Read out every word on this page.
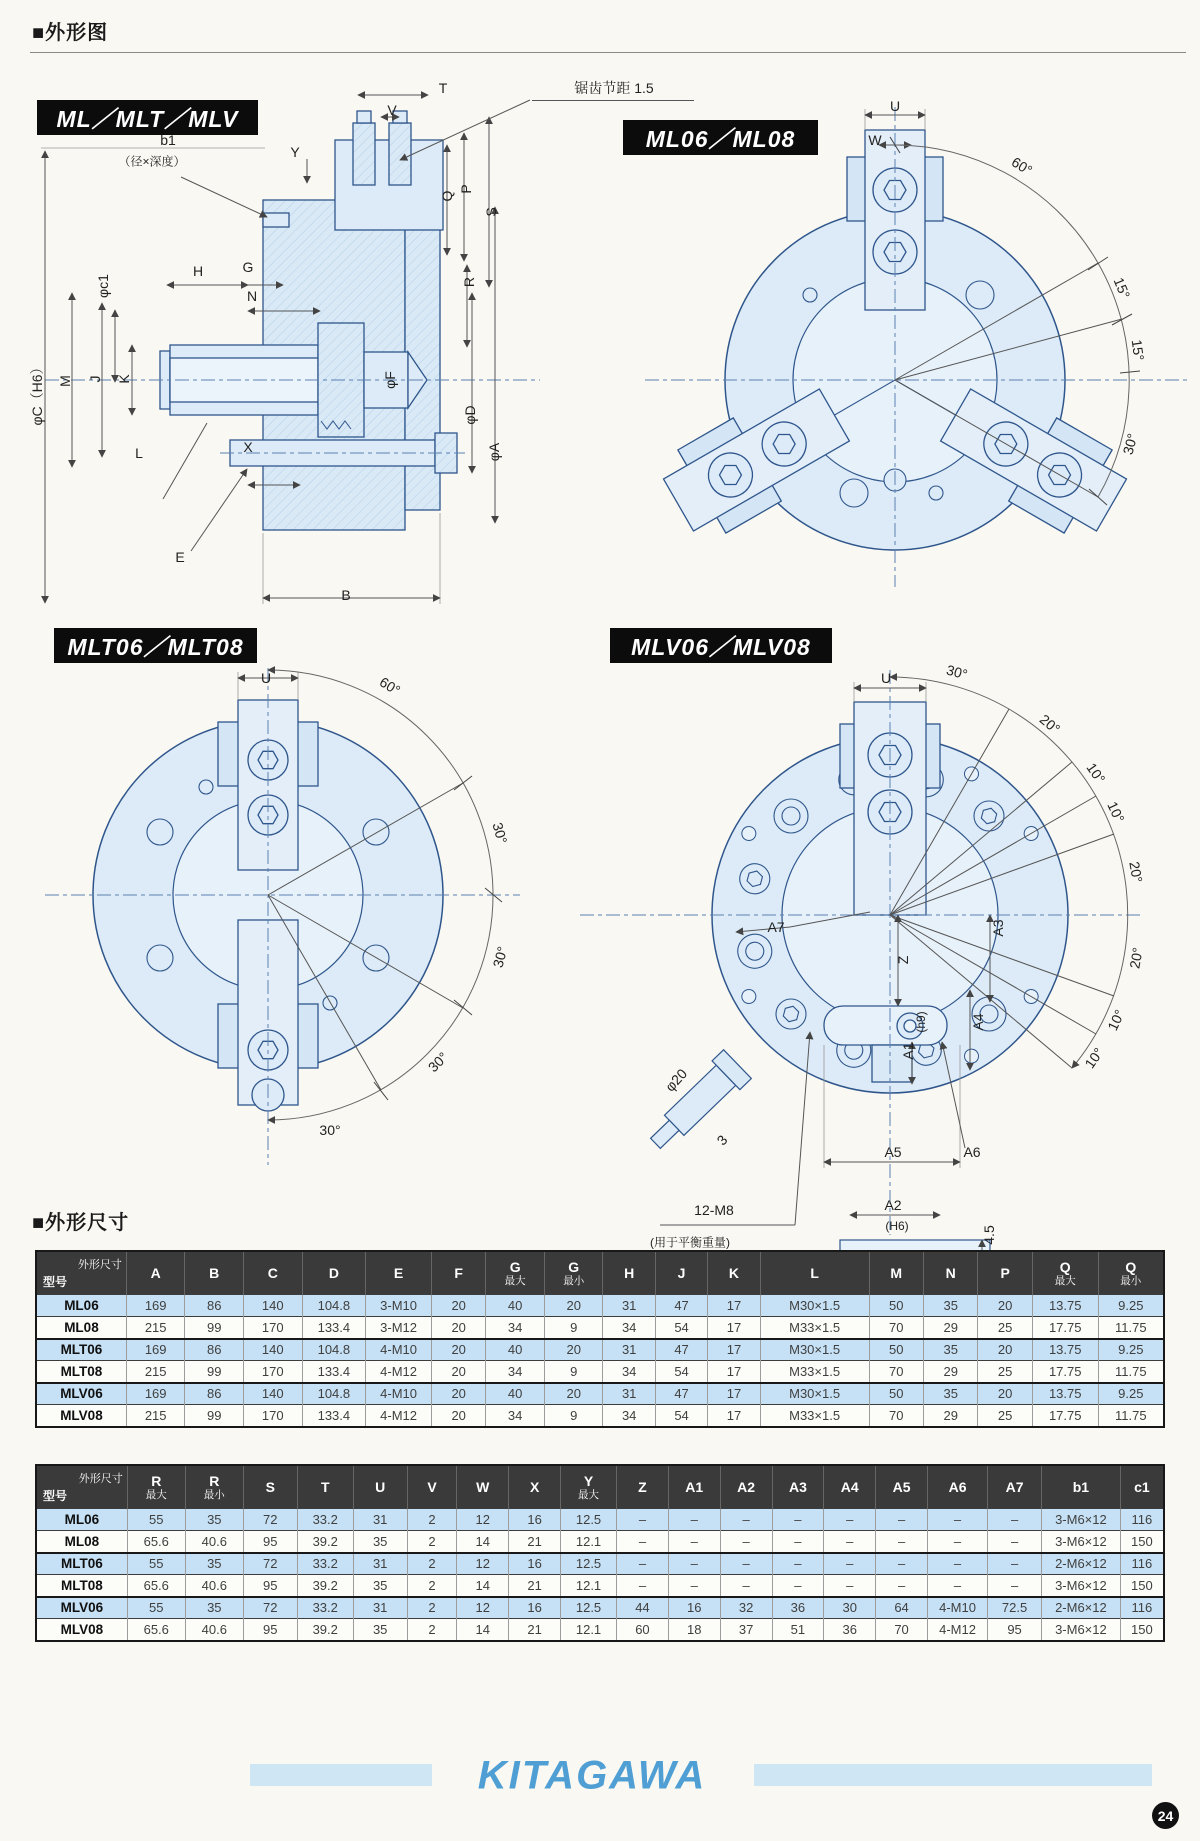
■外形图
■外形尺寸
ML／MLT／MLV
ML06／ML08
MLT06／MLT08	MLV06／MLV08
b1
（径×深度）
锯齿节距 1.5
T
V
Y
Q
P
S
R
φc1
H	G
N
φC（H6） M J K	φF
L	X
φD
φA
E
B
U
W
60°
15°
15°
30°
U	60°
30°
30°
30°
30°
U	30°
20°
10°
10°
20°
20°
10°
10°
A7
Z
A3
A4
(h9)
A1
A5	A6
A2
(H6)	4.5
φ20
3
12-M8
(用于平衡重量)
外形尺寸
型号

A	B	C	D	E	F	G
最大

G
最小	H	J	K	L	M	N	P	Q
最大

Q
最小

ML06	169	86	140	104.8	3-M10	20	40	20	31	47	17	M30×1.5	50	35	20	13.75	9.25
ML08	215	99	170	133.4	3-M12	20	34	9	34	54	17	M33×1.5	70	29	25	17.75	11.75
MLT06	169	86	140	104.8	4-M10	20	40	20	31	47	17	M30×1.5	50	35	20	13.75	9.25
MLT08	215	99	170	133.4	4-M12	20	34	9	34	54	17	M33×1.5	70	29	25	17.75	11.75
MLV06	169	86	140	104.8	4-M10	20	40	20	31	47	17	M30×1.5	50	35	20	13.75	9.25
MLV08	215	99	170	133.4	4-M12	20	34	9	34	54	17	M33×1.5	70	29	25	17.75	11.75
外形尺寸
型号

R
最大

R
最小	S	T	U	V	W	X	Y
最大	Z	A1	A2	A3	A4	A5	A6	A7	b1	c1

ML06	55	35	72	33.2	31	2	12	16	12.5	–	–	–	–	–	–	–	–	3-M6×12	116
ML08	65.6	40.6	95	39.2	35	2	14	21	12.1	–	–	–	–	–	–	–	–	3-M6×12	150
MLT06	55	35	72	33.2	31	2	12	16	12.5	–	–	–	–	–	–	–	–	2-M6×12	116
MLT08	65.6	40.6	95	39.2	35	2	14	21	12.1	–	–	–	–	–	–	–	–	3-M6×12	150
MLV06	55	35	72	33.2	31	2	12	16	12.5	44	16	32	36	30	64	4-M10	72.5	2-M6×12	116
MLV08	65.6	40.6	95	39.2	35	2	14	21	12.1	60	18	37	51	36	70	4-M12	95	3-M6×12	150
KITAGAWA
24
